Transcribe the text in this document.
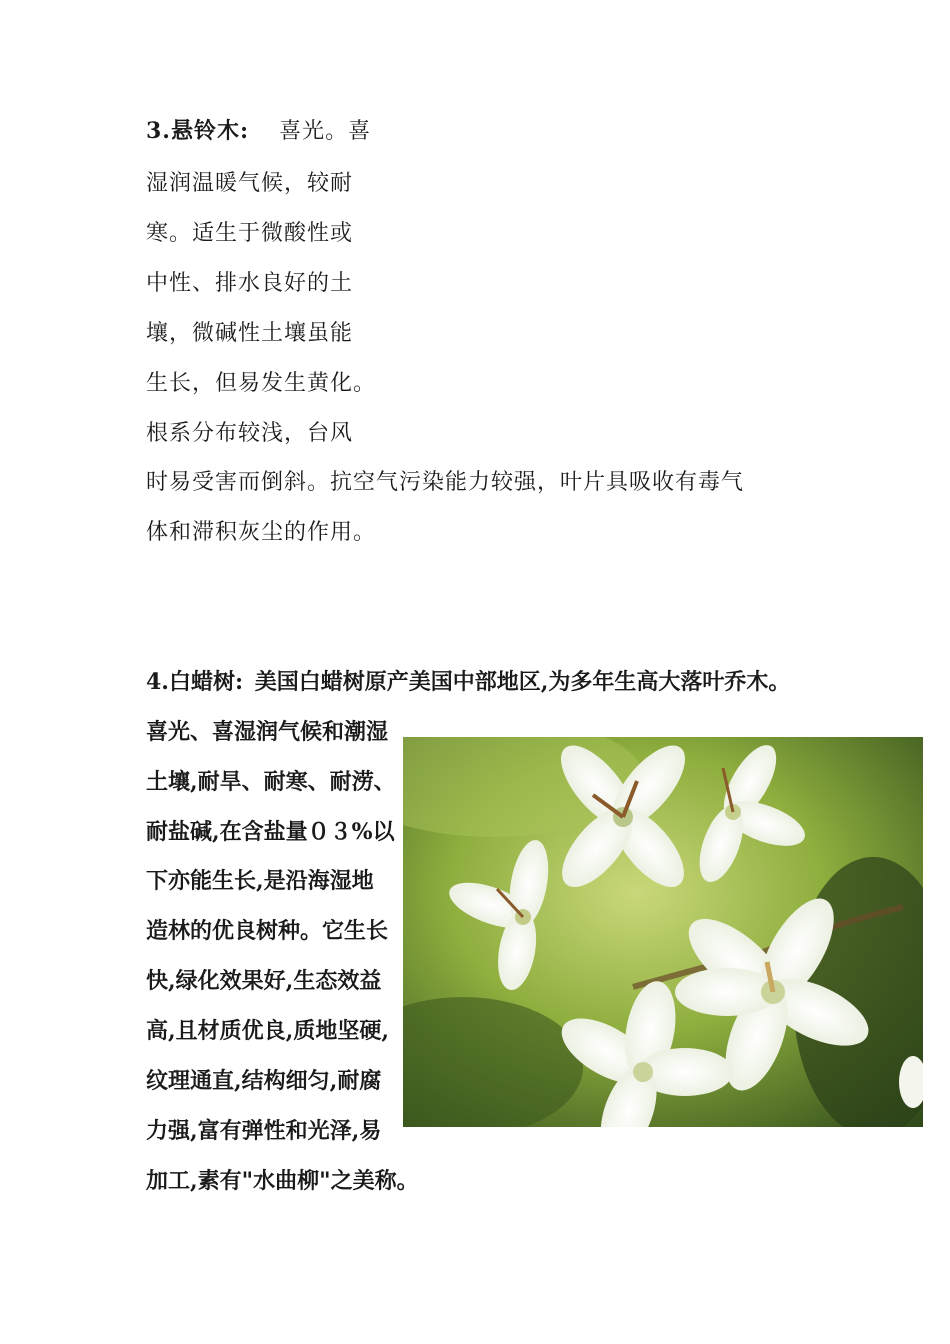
3.悬铃木: 喜光。喜
湿润温暖气候，较耐
寒。适生于微酸性或
中性、排水良好的土
壤，微碱性土壤虽能
生长，但易发生黄化。
根系分布较浅，台风
时易受害而倒斜。抗空气污染能力较强，叶片具吸收有毒气
体和滞积灰尘的作用。
4.白蜡树: 美国白蜡树原产美国中部地区,为多年生高大落叶乔木。
喜光、喜湿润气候和潮湿
土壤,耐旱、耐寒、耐涝、
耐盐碱,在含盐量０３%以
下亦能生长,是沿海湿地
造林的优良树种。它生长
快,绿化效果好,生态效益
高,且材质优良,质地坚硬,
纹理通直,结构细匀,耐腐
力强,富有弹性和光泽,易
加工,素有"水曲柳"之美称。
